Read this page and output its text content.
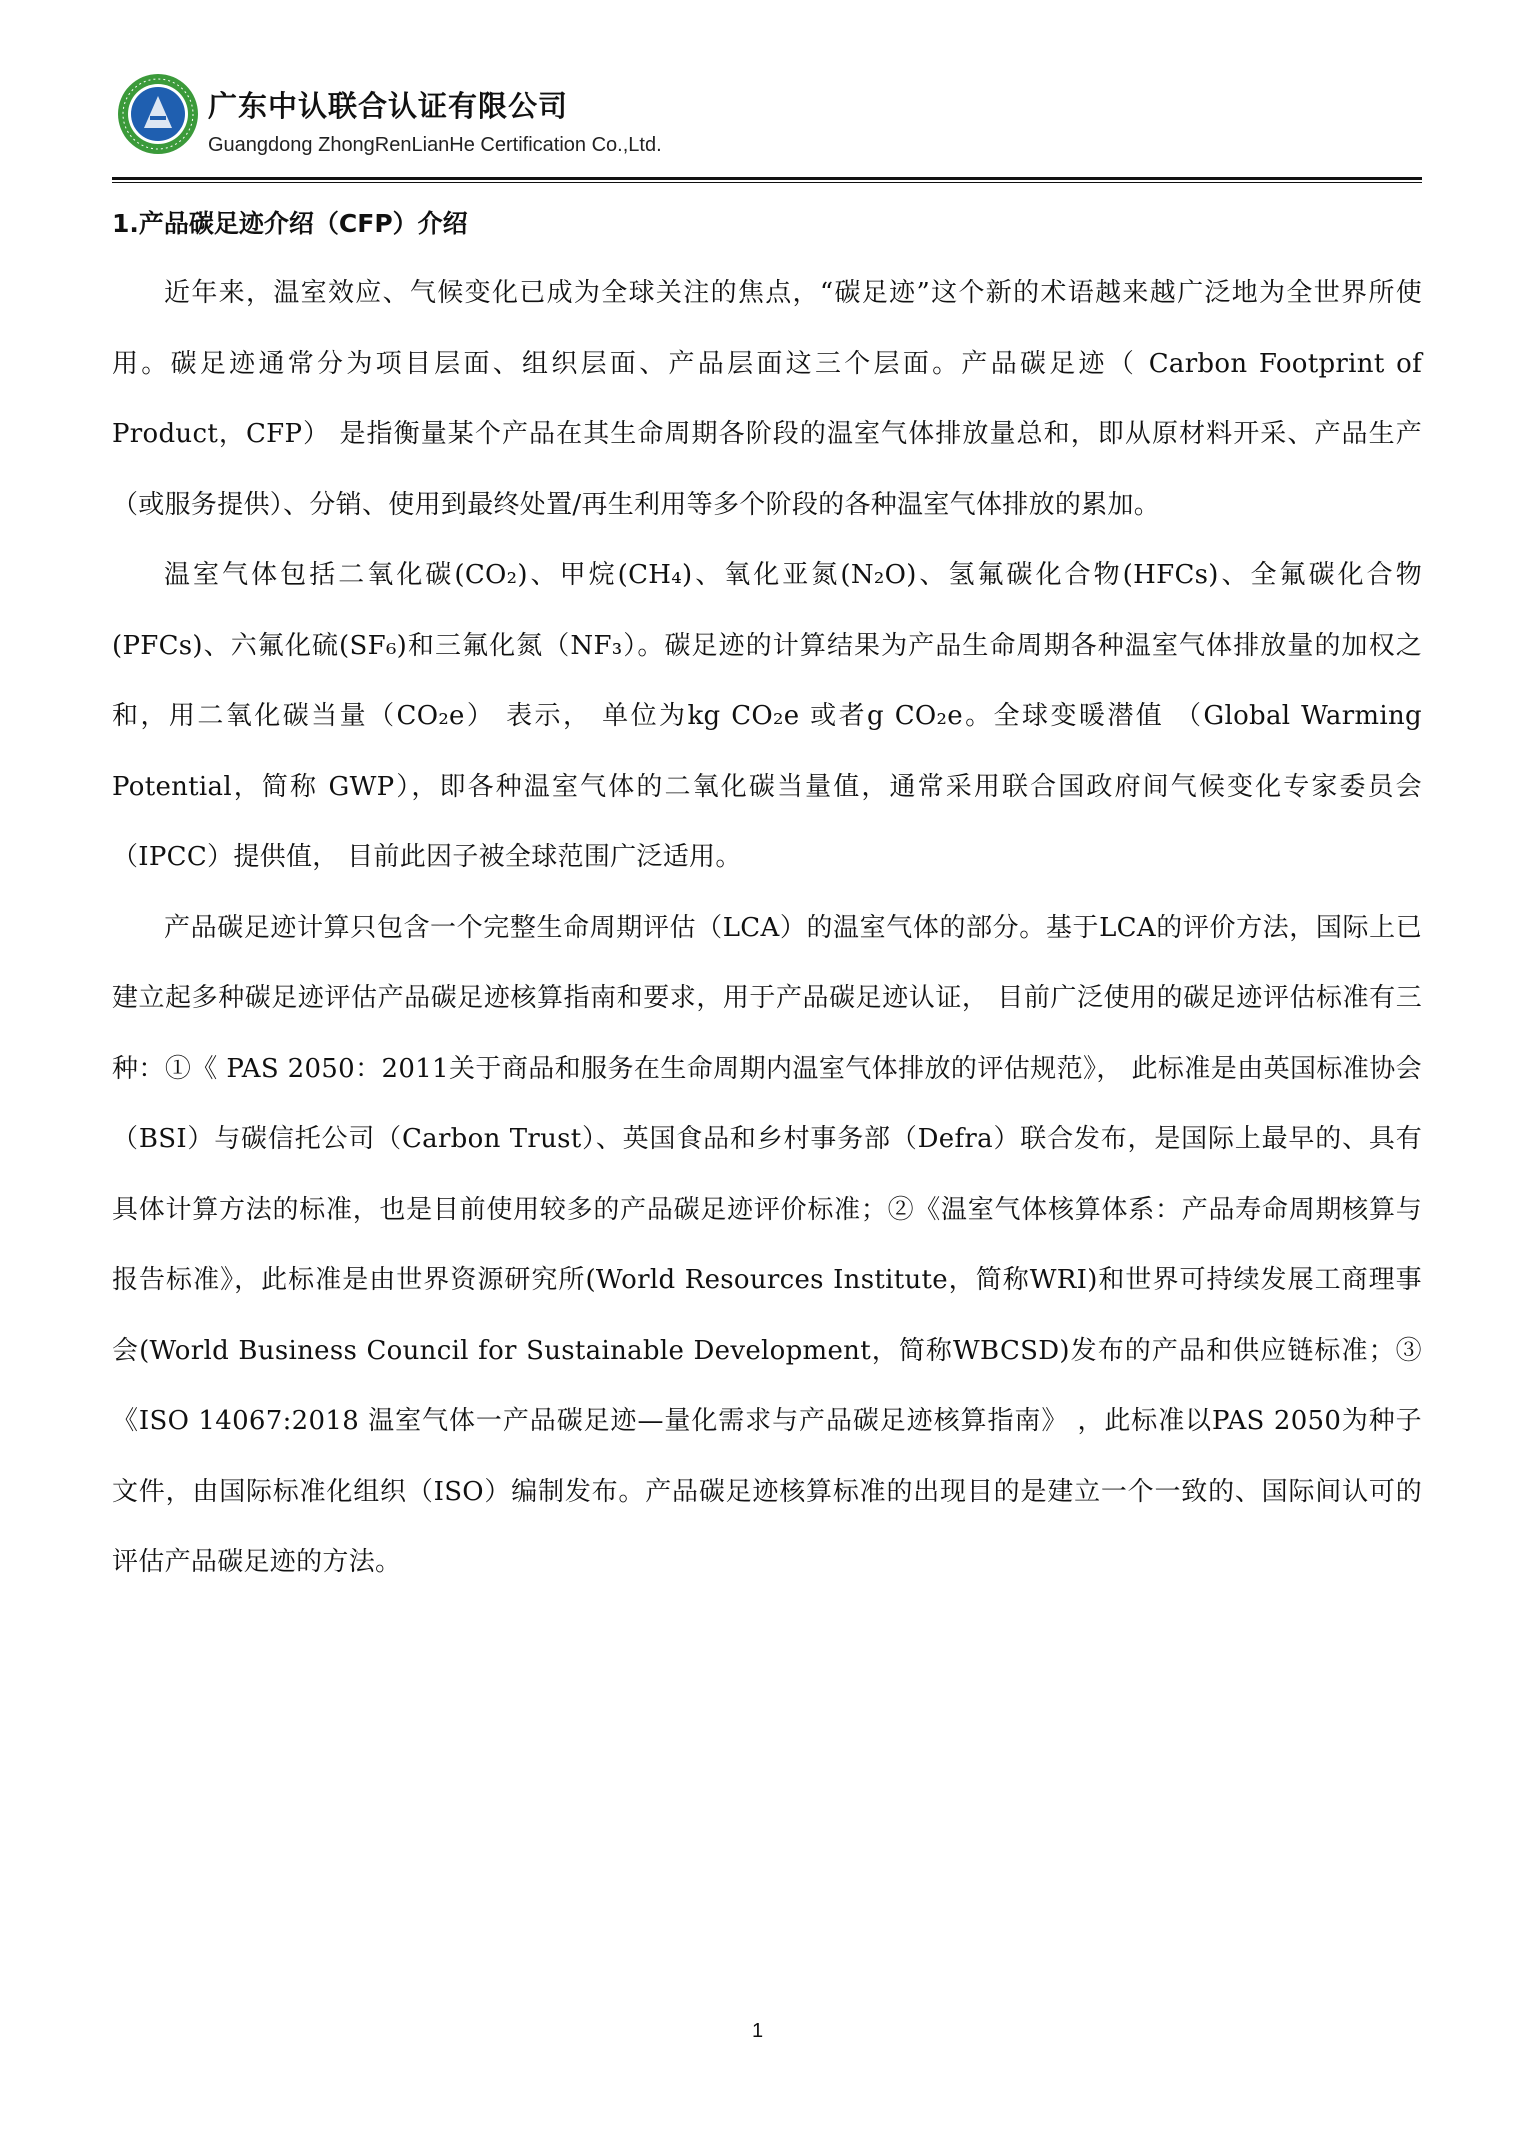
广东中认联合认证有限公司
Guangdong ZhongRenLianHe Certification Co.,Ltd.
1.产品碳足迹介绍（CFP）介绍

近年来，温室效应、气候变化已成为全球关注的焦点，“碳足迹”这个新的术语越来越广泛地为全世界所使用。碳足迹通常分为项目层面、组织层面、产品层面这三个层面。产品碳足迹（ Carbon Footprint of Product，CFP） 是指衡量某个产品在其生命周期各阶段的温室气体排放量总和，即从原材料开采、产品生产（或服务提供）、分销、使用到最终处置/再生利用等多个阶段的各种温室气体排放的累加。

温室气体包括二氧化碳(CO₂)、甲烷(CH₄)、氧化亚氮(N₂O)、氢氟碳化合物(HFCs)、全氟碳化合物(PFCs)、六氟化硫(SF₆)和三氟化氮（NF₃）。碳足迹的计算结果为产品生命周期各种温室气体排放量的加权之和，用二氧化碳当量（CO₂e） 表示， 单位为kg CO₂e 或者g CO₂e。全球变暖潜值 （Global Warming Potential，简称 GWP），即各种温室气体的二氧化碳当量值，通常采用联合国政府间气候变化专家委员会（IPCC）提供值， 目前此因子被全球范围广泛适用。

产品碳足迹计算只包含一个完整生命周期评估（LCA）的温室气体的部分。基于LCA的评价方法，国际上已建立起多种碳足迹评估产品碳足迹核算指南和要求，用于产品碳足迹认证， 目前广泛使用的碳足迹评估标准有三种：①《 PAS 2050：2011关于商品和服务在生命周期内温室气体排放的评估规范》， 此标准是由英国标准协会（BSI）与碳信托公司（Carbon Trust）、英国食品和乡村事务部（Defra）联合发布，是国际上最早的、具有具体计算方法的标准，也是目前使用较多的产品碳足迹评价标准；②《温室气体核算体系：产品寿命周期核算与报告标准》，此标准是由世界资源研究所(World Resources Institute，简称WRI)和世界可持续发展工商理事会(World Business Council for Sustainable Development，简称WBCSD)发布的产品和供应链标准；③《ISO 14067:2018 温室气体一产品碳足迹—量化需求与产品碳足迹核算指南》 ，此标准以PAS 2050为种子文件，由国际标准化组织（ISO）编制发布。产品碳足迹核算标准的出现目的是建立一个一致的、国际间认可的评估产品碳足迹的方法。

1
